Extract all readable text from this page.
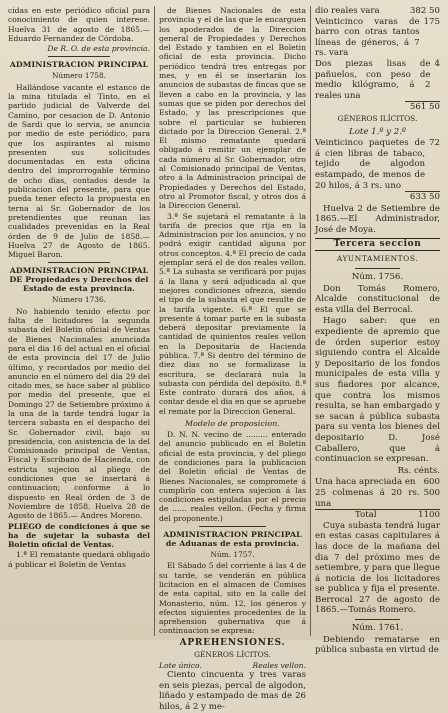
cidas en este periódico oficial para conocimiento de quien interese. Huelva 31 de agosto de 1865.—Eduardo Fernandez de Córdoba.

De R. O. de esta provincia.

ADMINISTRACION PRINCIPAL

Número 1758.

Hallándose vacante el estanco de la mina titulada el Tinto, en el partido judicial de Valverde del Camino, por cesacion de D. Antonio de Sardi que lo servia, se anuncia por medio de este periódico, para que los aspirantes al mismo presenten sus solicitudes documentadas en esta oficina dentro del improrrogable término de ocho dias, contados desde la publicacion del presente, para que pueda tener efecto la propuesta en terna al Sr. Gobernador de los pretendientes que reunan las cualidades prevenidas en la Real órden de 9 de Julio de 1858.— Huelva 27 de Agosto de 1865. Miguel Baron.

ADMINISTRACION PRINCIPAL DE Propiedades y Derechos del Estado de esta provincia.

Número 1736.

No habiendo tenido efecto por falta de licitadores la segunda subasta del Boletin oficial de Ventas de Bienes Nacionales anunciada para el dia 16 del actual en el oficial de esta provincia del 17 de Julio último, y recordados por medio del anuncio en el número del dia 29 del citado mes, se hace saber al público por medio del presente, que el Domingo 27 de Setiembre próximo á la una de la tarde tendrá lugar la tercera subasta en el despacho del Sr. Gobernador civil, bajo su presidencia, con asistencia de la del Comisionado principal de Ventas, Fiscal y Escribano de Hacienda, con estricta sujecion al pliego de condiciones que se insertará á continuacion; conforme á lo dispuesto en Real órden de 3 de Noviembre de 1858. Huelva 28 de Agosto de 1865.— Andres Moreno.

PLIEGO de condiciones á que se ha de sujetar la subasta del Boletin oficial de Ventas.

1.ª El rematante quedará obligado á publicar el Boletin de Ventas

de Bienes Nacionales de esta provincia y el de las que le encarguen los apoderados de la Direccion general de Propiedades y Derechos del Estado y tambien en el Boletin oficial de esta provincia. Dicho periódico tendrá tres entregas por mes, y en él se insertarán los anuncios de subastas de fincas que se lleven a cabo en la provincia, y las sumas que se piden por derechos del Estado, y las prescripciones que sobre el particular se hubieren dictado por la Direccion General. 2.ª El mismo rematante quedará obligado á remitir un ejemplar de cada número al Sr. Gobernador, otro al Comisionado principal de Ventas, otro á la Administracion principal de Propiedades y Derechos del Estado, otro al Promotor fiscal, y otros dos á la Direccion General.

3.ª Se sujetará el rematante á la tarifa de precios que rija en la Administracion por los anuncios, y no podrá exigir cantidad alguna por otros conceptos. 4.ª El precio de cada ejemplar será el de dos reales vellon. 5.ª La subasta se verificará por pujas á la llana y será adjudicada al que mejores condiciones ofrezca, siendo el tipo de la subasta el que resulte de la tarifa vigente. 6.ª El que se presente á tomar parte en la subasta deberá depositar previamente la cantidad de quinientos reales vellon en la Depositaría de Hacienda pública. 7.ª Si dentro del término de diez dias no se formalizase la escritura, se declarará nula la subasta con pérdida del depósito. 8.ª Este contrato durará dos años, á contar desde el dia en que se apruebe el remate por la Direccion General.

Modelo de proposicion.

D. N. N. vecino de ......... enterado del anuncio publicado en el Boletin oficial de esta provincia, y del pliego de condiciones para la publicacion del Boletin oficial de Ventas de Bienes Nacionales, se compromete á cumplirlo con entera sujecion á las condiciones estipuladas por el precio de ...... reales vellon. (Fecha y firma del proponente.)

ADMINISTRACION PRINCIPAL de Aduanas de esta provincia.

Núm. 1757.

El Sábado 5 del corriente á las 4 de su tarde, se venderán en pública licitacion en el almacen de Comisos de esta capital, sito en la calle del Monasterio, núm. 12, los géneros y efectos siguientes procedentes de la aprehension gubernativa que á continuacion se expresa:

APREHENSIONES.

GÉNEROS LÍCITOS.

Lote único.	Reales vellon.

Ciento cincuenta y tres varas en seis piezas, percal de algodon, liñado y estampado de mas de 26 hilos, á 2 y me-

dio reales vara	382 50
Veinticinco varas de barro con otras tantos líneas de géneros, á 7 rs. vara
175
Dos piezas lisas de pañuelos, con peso de medio kilógramo, á 2 reales una
4

561 50

GÉNEROS ILÍCITOS.

Lote 1.º y 2.º

Veinticinco paquetes de á cien libras de tabaco, tejido de algodon estampado, de menos de 20 hilos, á 3 rs. uno
72

633 50

Huelva 2 de Setiembre de 1865.—El Administrador, José de Moya.

Tercera seccion

AYUNTAMIENTOS.

Núm. 1756.

Don Tomás Romero, Alcalde constitucional de esta villa del Berrocal.

Hago saber: que en expediente de apremio que de órden superior estoy siguiendo contra el Alcalde y Depositario de los fondos municipales de esta villa y sus fiadores por alcance, que contra los mismos resulta, se han embargado y se sacan á pública subasta para su venta los bienes del depositario D. José Caballero, que á continuacion se expresan.

Rs. cénts.

Una haca apreciada en 600
25 colmenas á 20 rs. una
500
Total	1100

Cuya subasta tendrá lugar en estas casas capitulares á las doce de la mañana del dia 7 del próximo mes de setiembre, y para que llegue á noticia de los licitadores se publica y fija el presente. Berrocal 27 de agosto de 1865.—Tomás Romero.

Núm. 1761.

Debiendo rematarse en pública subasta en virtud de
